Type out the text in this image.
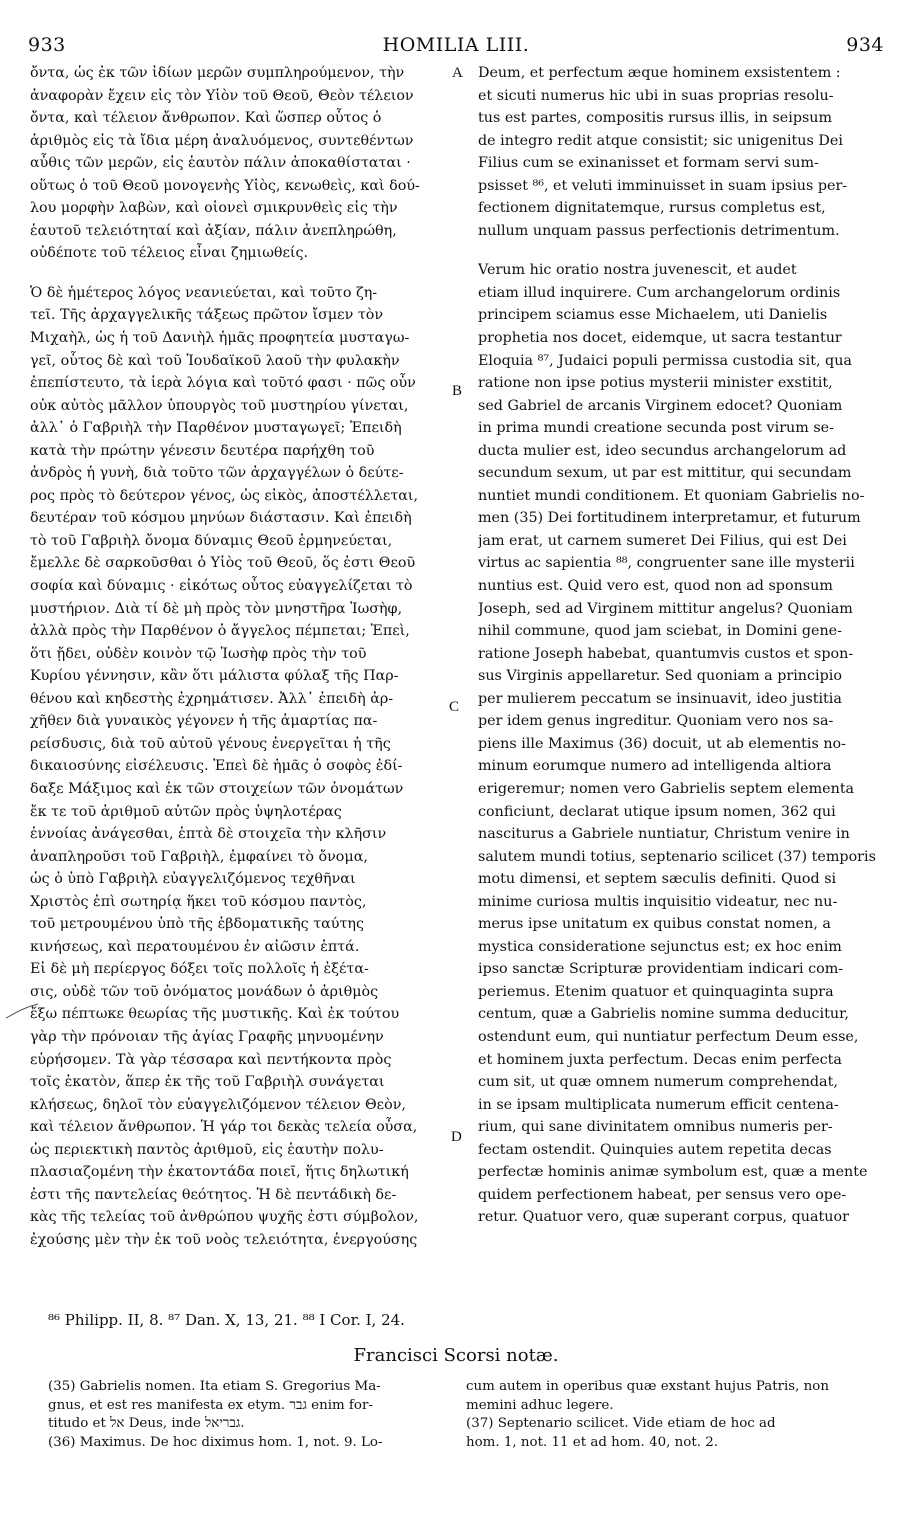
933	HOMILIA LIII.	934
ὄντα, ὡς ἐκ τῶν ἰδίων μερῶν συμπληρούμενον, τὴν
ἀναφορὰν ἔχειν εἰς τὸν Υἱὸν τοῦ Θεοῦ, Θεὸν τέλειον
ὄντα, καὶ τέλειον ἄνθρωπον. Καὶ ὥσπερ οὗτος ὁ
ἀριθμὸς εἰς τὰ ἴδια μέρη ἀναλυόμενος, συντεθέντων
αὖθις τῶν μερῶν, εἰς ἑαυτὸν πάλιν ἀποκαθίσταται ·
οὕτως ὁ τοῦ Θεοῦ μονογενὴς Υἱὸς, κενωθεὶς, καὶ δού-
λου μορφὴν λαβὼν, καὶ οἱονεὶ σμικρυνθεὶς εἰς τὴν
ἑαυτοῦ τελειότηταί καὶ ἀξίαν, πάλιν ἀνεπληρώθη,
οὐδέποτε τοῦ τέλειος εἶναι ζημιωθείς.
Ὁ δὲ ἡμέτερος λόγος νεανιεύεται, καὶ τοῦτο ζη-
τεῖ. Τῆς ἀρχαγγελικῆς τάξεως πρῶτον ἴσμεν τὸν
Μιχαὴλ, ὡς ἡ τοῦ Δανιὴλ ἡμᾶς προφητεία μυσταγω-
γεῖ, οὗτος δὲ καὶ τοῦ Ἰουδαϊκοῦ λαοῦ τὴν φυλακὴν
ἐπεπίστευτο, τὰ ἱερὰ λόγια καὶ τοῦτό φασι · πῶς οὖν
οὐκ αὐτὸς μᾶλλον ὑπουργὸς τοῦ μυστηρίου γίνεται,
ἀλλ᾽ ὁ Γαβριὴλ τὴν Παρθένον μυσταγωγεῖ; Ἐπειδὴ
κατὰ τὴν πρώτην γένεσιν δευτέρα παρήχθη τοῦ
ἀνδρὸς ἡ γυνὴ, διὰ τοῦτο τῶν ἀρχαγγέλων ὁ δεύτε-
ρος πρὸς τὸ δεύτερον γένος, ὡς εἰκὸς, ἀποστέλλεται,
δευτέραν τοῦ κόσμου μηνύων διάστασιν. Καὶ ἐπειδὴ
τὸ τοῦ Γαβριὴλ ὄνομα δύναμις Θεοῦ ἑρμηνεύεται,
ἔμελλε δὲ σαρκοῦσθαι ὁ Υἱὸς τοῦ Θεοῦ, ὅς ἐστι Θεοῦ
σοφία καὶ δύναμις · εἰκότως οὗτος εὐαγγελίζεται τὸ
μυστήριον. Διὰ τί δὲ μὴ πρὸς τὸν μνηστῆρα Ἰωσὴφ,
ἀλλὰ πρὸς τὴν Παρθένον ὁ ἄγγελος πέμπεται; Ἐπεὶ,
ὅτι ᾔδει, οὐδὲν κοινὸν τῷ Ἰωσὴφ πρὸς τὴν τοῦ
Κυρίου γέννησιν, κἂν ὅτι μάλιστα φύλαξ τῆς Παρ-
θένου καὶ κηδεστὴς ἐχρημάτισεν. Ἀλλ᾽ ἐπειδὴ ἀρ-
χῆθεν διὰ γυναικὸς γέγονεν ἡ τῆς ἁμαρτίας πα-
ρείσδυσις, διὰ τοῦ αὐτοῦ γένους ἐνεργεῖται ἡ τῆς
δικαιοσύνης εἰσέλευσις. Ἐπεὶ δὲ ἡμᾶς ὁ σοφὸς ἐδί-
δαξε Μάξιμος καὶ ἐκ τῶν στοιχείων τῶν ὀνομάτων
ἔκ τε τοῦ ἀριθμοῦ αὐτῶν πρὸς ὑψηλοτέρας
ἐννοίας ἀνάγεσθαι, ἑπτὰ δὲ στοιχεῖα τὴν κλῆσιν
ἀναπληροῦσι τοῦ Γαβριὴλ, ἐμφαίνει τὸ ὄνομα,
ὡς ὁ ὑπὸ Γαβριὴλ εὐαγγελιζόμενος τεχθῆναι
Χριστὸς ἐπὶ σωτηρίᾳ ἥκει τοῦ κόσμου παντὸς,
τοῦ μετρουμένου ὑπὸ τῆς ἑβδοματικῆς ταύτης
κινήσεως, καὶ περατουμένου ἐν αἰῶσιν ἑπτά.
Εἰ δὲ μὴ περίεργος δόξει τοῖς πολλοῖς ἡ ἐξέτα-
σις, οὐδὲ τῶν τοῦ ὀνόματος μονάδων ὁ ἀριθμὸς
ἔξω πέπτωκε θεωρίας τῆς μυστικῆς. Καὶ ἐκ τούτου
γὰρ τὴν πρόνοιαν τῆς ἁγίας Γραφῆς μηνυομένην
εὑρήσομεν. Τὰ γὰρ τέσσαρα καὶ πεντήκοντα πρὸς
τοῖς ἑκατὸν, ἅπερ ἐκ τῆς τοῦ Γαβριὴλ συνάγεται
κλήσεως, δηλοῖ τὸν εὐαγγελιζόμενον τέλειον Θεὸν,
καὶ τέλειον ἄνθρωπον. Ἡ γάρ τοι δεκὰς τελεία οὖσα,
ὡς περιεκτικὴ παντὸς ἀριθμοῦ, εἰς ἑαυτὴν πολυ-
πλασιαζομένη τὴν ἑκατοντάδα ποιεῖ, ἥτις δηλωτική
ἐστι τῆς παντελείας θεότητος. Ἡ δὲ πεντάδικὴ δε-
κὰς τῆς τελείας τοῦ ἀνθρώπου ψυχῆς ἐστι σύμβολον,
ἐχούσης μὲν τὴν ἐκ τοῦ νοὸς τελειότητα, ἐνεργούσης
Deum, et perfectum æque hominem exsistentem :
et sicuti numerus hic ubi in suas proprias resolu-
tus est partes, compositis rursus illis, in seipsum
de integro redit atque consistit; sic unigenitus Dei
Filius cum se exinanisset et formam servi sum-
psisset ⁸⁶, et veluti imminuisset in suam ipsius per-
fectionem dignitatemque, rursus completus est,
nullum unquam passus perfectionis detrimentum.
Verum hic oratio nostra juvenescit, et audet
etiam illud inquirere. Cum archangelorum ordinis
principem sciamus esse Michaelem, uti Danielis
prophetia nos docet, eidemque, ut sacra testantur
Eloquia ⁸⁷, Judaici populi permissa custodia sit, qua
ratione non ipse potius mysterii minister exstitit,
sed Gabriel de arcanis Virginem edocet? Quoniam
in prima mundi creatione secunda post virum se-
ducta mulier est, ideo secundus archangelorum ad
secundum sexum, ut par est mittitur, qui secundam
nuntiet mundi conditionem. Et quoniam Gabrielis no-
men (35) Dei fortitudinem interpretamur, et futurum
jam erat, ut carnem sumeret Dei Filius, qui est Dei
virtus ac sapientia ⁸⁸, congruenter sane ille mysterii
nuntius est. Quid vero est, quod non ad sponsum
Joseph, sed ad Virginem mittitur angelus? Quoniam
nihil commune, quod jam sciebat, in Domini gene-
ratione Joseph habebat, quantumvis custos et spon-
sus Virginis appellaretur. Sed quoniam a principio
per mulierem peccatum se insinuavit, ideo justitia
per idem genus ingreditur. Quoniam vero nos sa-
piens ille Maximus (36) docuit, ut ab elementis no-
minum eorumque numero ad intelligenda altiora
erigeremur; nomen vero Gabrielis septem elementa
conficiunt, declarat utique ipsum nomen, 362 qui
nasciturus a Gabriele nuntiatur, Christum venire in
salutem mundi totius, septenario scilicet (37) temporis
motu dimensi, et septem sæculis definiti. Quod si
minime curiosa multis inquisitio videatur, nec nu-
merus ipse unitatum ex quibus constat nomen, a
mystica consideratione sejunctus est; ex hoc enim
ipso sanctæ Scripturæ providentiam indicari com-
periemus. Etenim quatuor et quinquaginta supra
centum, quæ a Gabrielis nomine summa deducitur,
ostendunt eum, qui nuntiatur perfectum Deum esse,
et hominem juxta perfectum. Decas enim perfecta
cum sit, ut quæ omnem numerum comprehendat,
in se ipsam multiplicata numerum efficit centena-
rium, qui sane divinitatem omnibus numeris per-
fectam ostendit. Quinquies autem repetita decas
perfectæ hominis animæ symbolum est, quæ a mente
quidem perfectionem habeat, per sensus vero ope-
retur. Quatuor vero, quæ superant corpus, quatuor
A
B
C
D
⁸⁶ Philipp. II, 8. ⁸⁷ Dan. X, 13, 21. ⁸⁸ I Cor. I, 24.
Francisci Scorsi notæ.
(35) Gabrielis nomen. Ita etiam S. Gregorius Ma-
gnus, et est res manifesta ex etym. גבר enim for-
titudo et אל Deus, inde גבריאל.
(36) Maximus. De hoc diximus hom. 1, not. 9. Lo-
cum autem in operibus quæ exstant hujus Patris, non
memini adhuc legere.
(37) Septenario scilicet. Vide etiam de hoc ad
hom. 1, not. 11 et ad hom. 40, not. 2.
